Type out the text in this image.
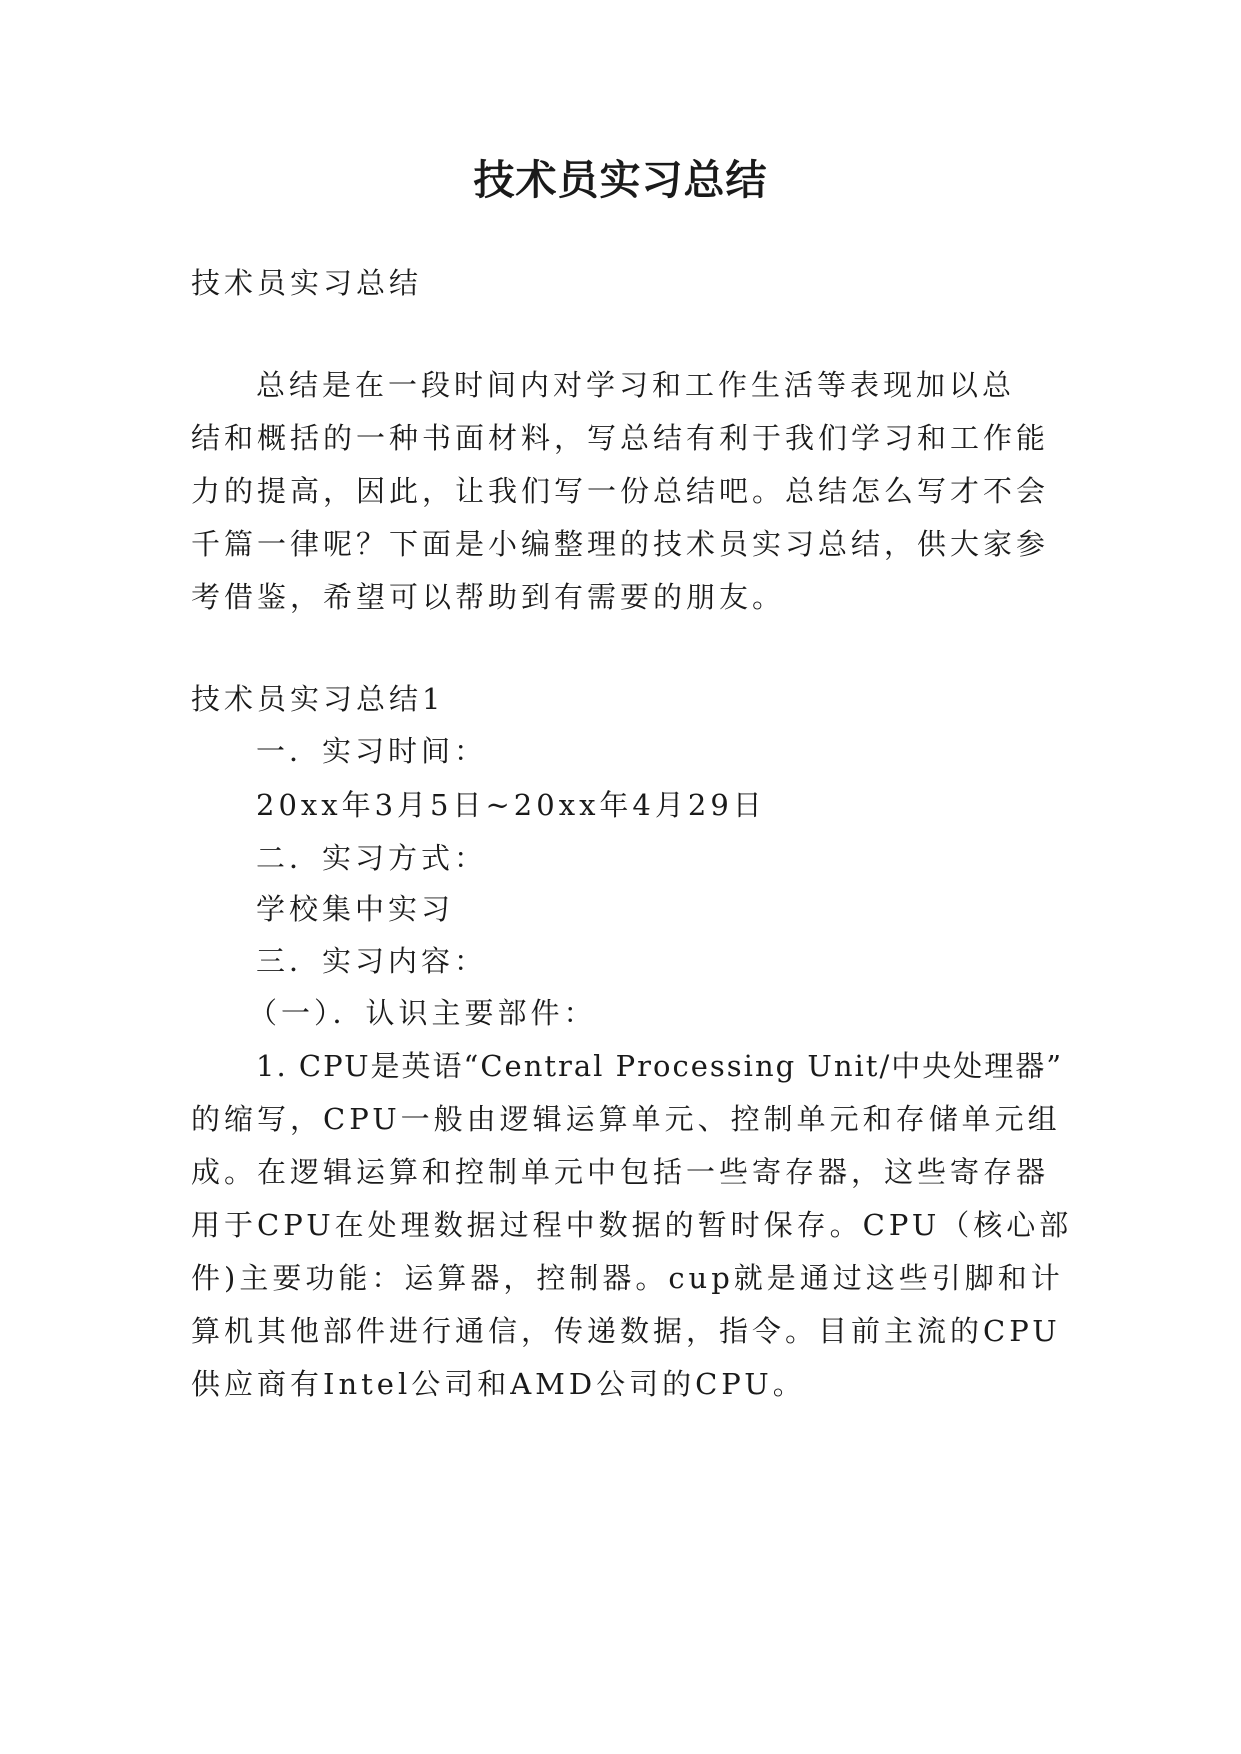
技术员实习总结

技术员实习总结

总结是在一段时间内对学习和工作生活等表现加以总

结和概括的一种书面材料，写总结有利于我们学习和工作能

力的提高，因此，让我们写一份总结吧。总结怎么写才不会

千篇一律呢？下面是小编整理的技术员实习总结，供大家参

考借鉴，希望可以帮助到有需要的朋友。

技术员实习总结1

一．实习时间：

20xx年3月5日~20xx年4月29日

二．实习方式：

学校集中实习

三．实习内容：

（一）．认识主要部件：

1. CPU是英语“Central Processing Unit/中央处理器”

的缩写，CPU一般由逻辑运算单元、控制单元和存储单元组

成。在逻辑运算和控制单元中包括一些寄存器，这些寄存器

用于CPU在处理数据过程中数据的暂时保存。CPU（核心部

件)主要功能：运算器，控制器。cup就是通过这些引脚和计

算机其他部件进行通信，传递数据，指令。目前主流的CPU

供应商有Intel公司和AMD公司的CPU。
